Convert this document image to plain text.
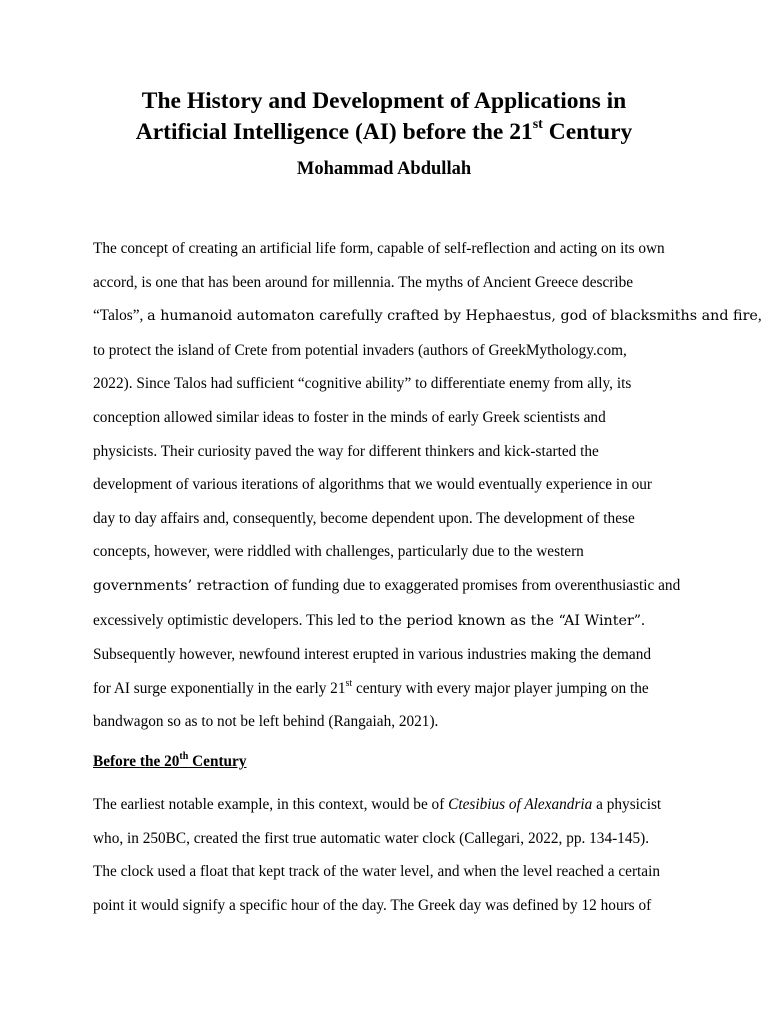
The History and Development of Applications in
Artificial Intelligence (AI) before the 21st Century
Mohammad Abdullah
The concept of creating an artificial life form, capable of self-reflection and acting on its own
accord, is one that has been around for millennia. The myths of Ancient Greece describe
“Talos”, a humanoid automaton carefully crafted by Hephaestus, god of blacksmiths and fire,
to protect the island of Crete from potential invaders (authors of GreekMythology.com,
2022). Since Talos had sufficient “cognitive ability” to differentiate enemy from ally, its
conception allowed similar ideas to foster in the minds of early Greek scientists and
physicists. Their curiosity paved the way for different thinkers and kick-started the
development of various iterations of algorithms that we would eventually experience in our
day to day affairs and, consequently, become dependent upon. The development of these
concepts, however, were riddled with challenges, particularly due to the western
governments’ retraction of funding due to exaggerated promises from overenthusiastic and
excessively optimistic developers. This led to the period known as the “AI Winter”.
Subsequently however, newfound interest erupted in various industries making the demand
for AI surge exponentially in the early 21st century with every major player jumping on the
bandwagon so as to not be left behind (Rangaiah, 2021).
Before the 20th Century
The earliest notable example, in this context, would be of Ctesibius of Alexandria a physicist
who, in 250BC, created the first true automatic water clock (Callegari, 2022, pp. 134-145).
The clock used a float that kept track of the water level, and when the level reached a certain
point it would signify a specific hour of the day. The Greek day was defined by 12 hours of
